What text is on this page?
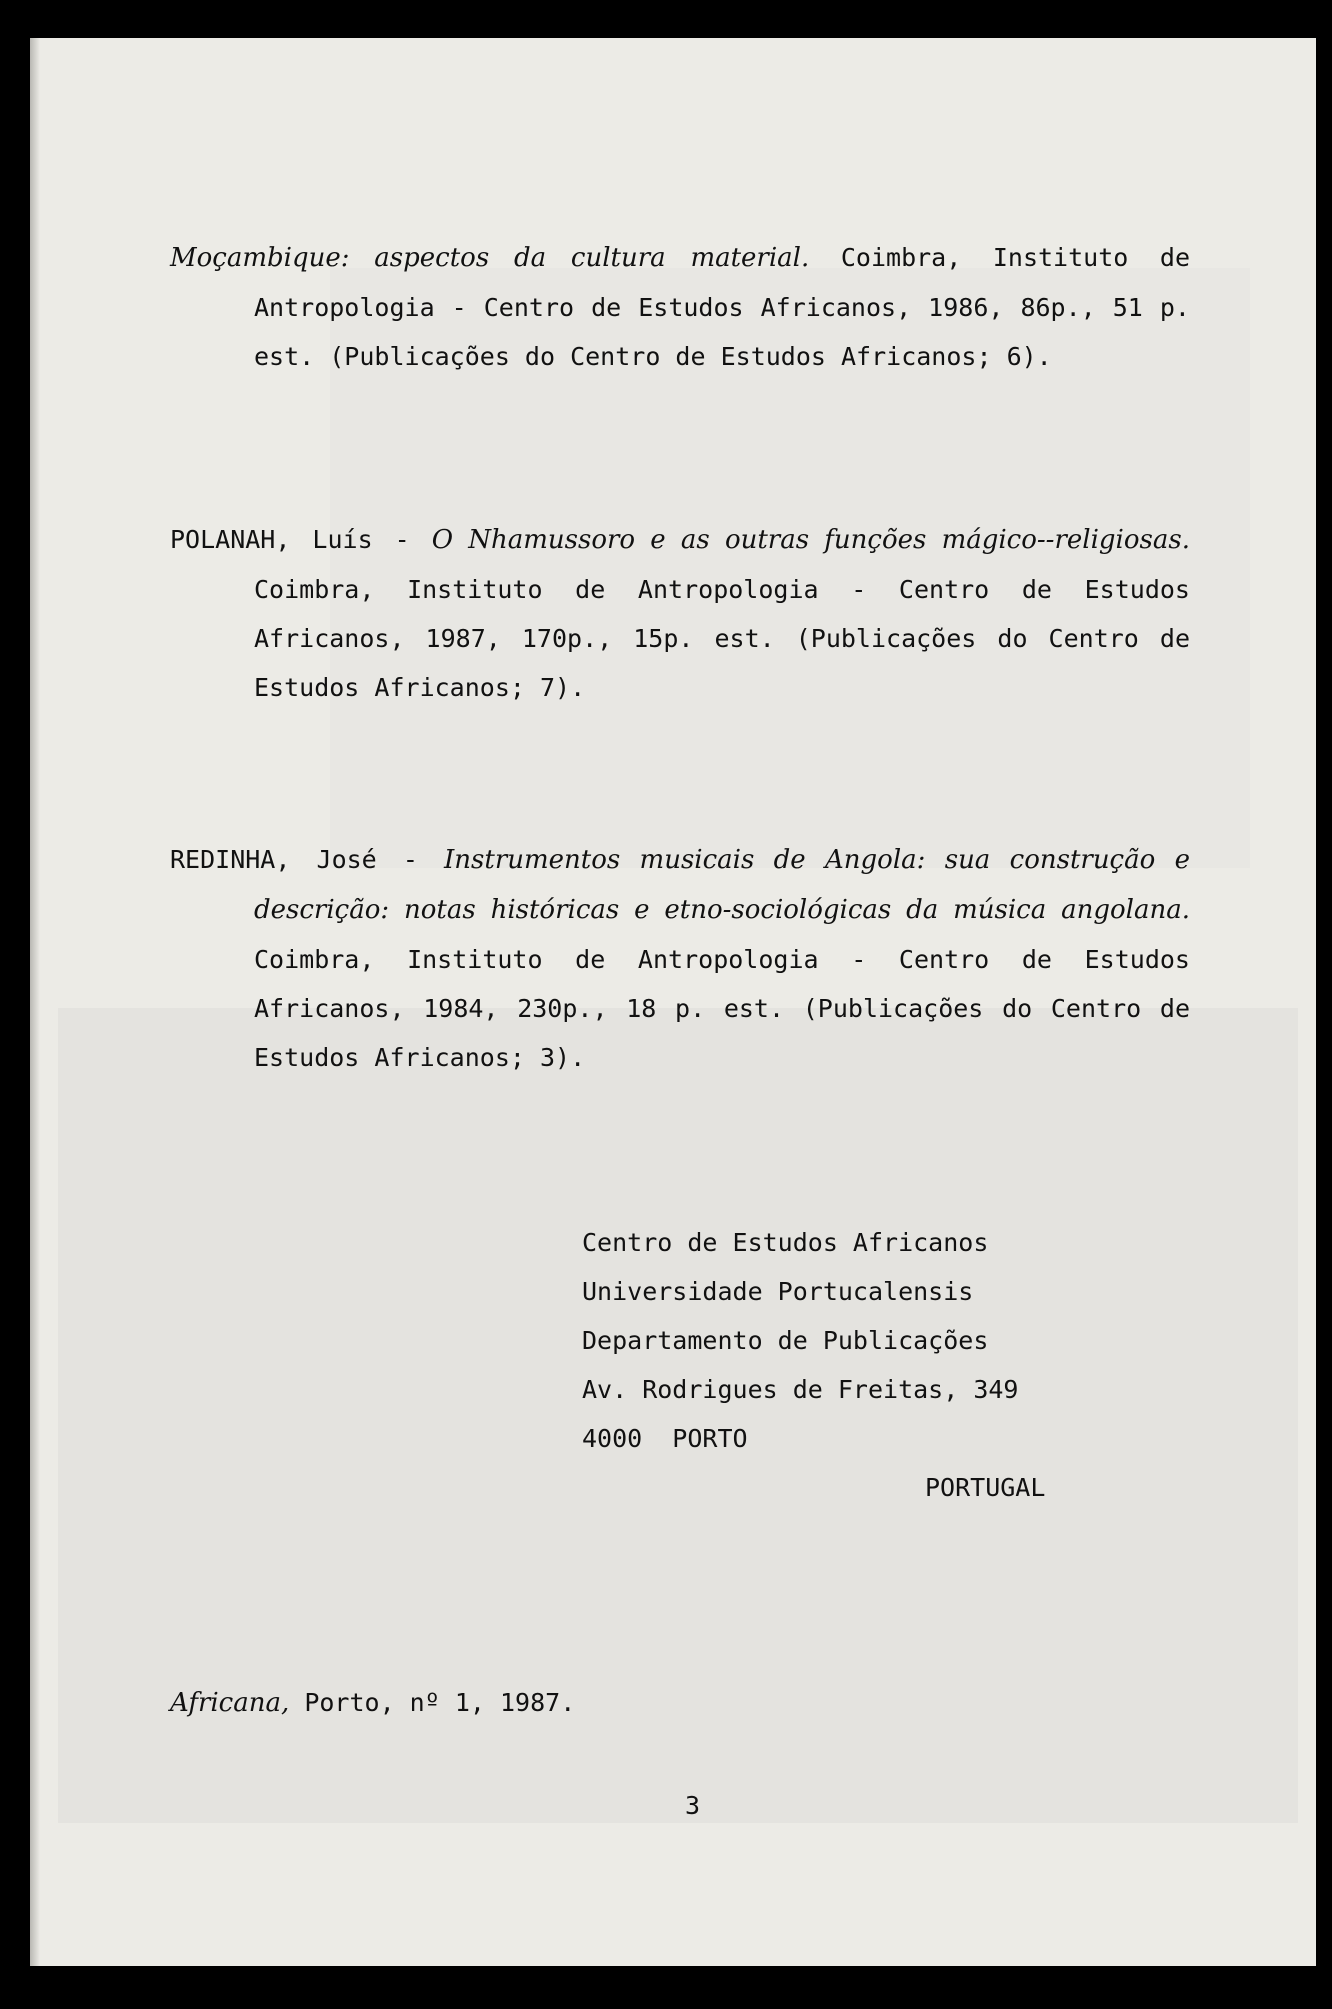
Moçambique: aspectos da cultura material. Coimbra, Instituto de Antropologia - Centro de Estudos Africanos, 1986, 86p., 51 p. est. (Publicações do Centro de Estudos Africanos; 6).
POLANAH, Luís - O Nhamussoro e as outras funções mágico--religiosas. Coimbra, Instituto de Antropologia - Centro de Estudos Africanos, 1987, 170p., 15p. est. (Publicações do Centro de Estudos Africanos; 7).
REDINHA, José - Instrumentos musicais de Angola: sua construção e descrição: notas históricas e etno-sociológicas da música angolana. Coimbra, Instituto de Antropologia - Centro de Estudos Africanos, 1984, 230p., 18 p. est. (Publicações do Centro de Estudos Africanos; 3).
Centro de Estudos Africanos
Universidade Portucalensis
Departamento de Publicações
Av. Rodrigues de Freitas, 349
4000  PORTO
PORTUGAL
Africana, Porto, nº 1, 1987.
3
